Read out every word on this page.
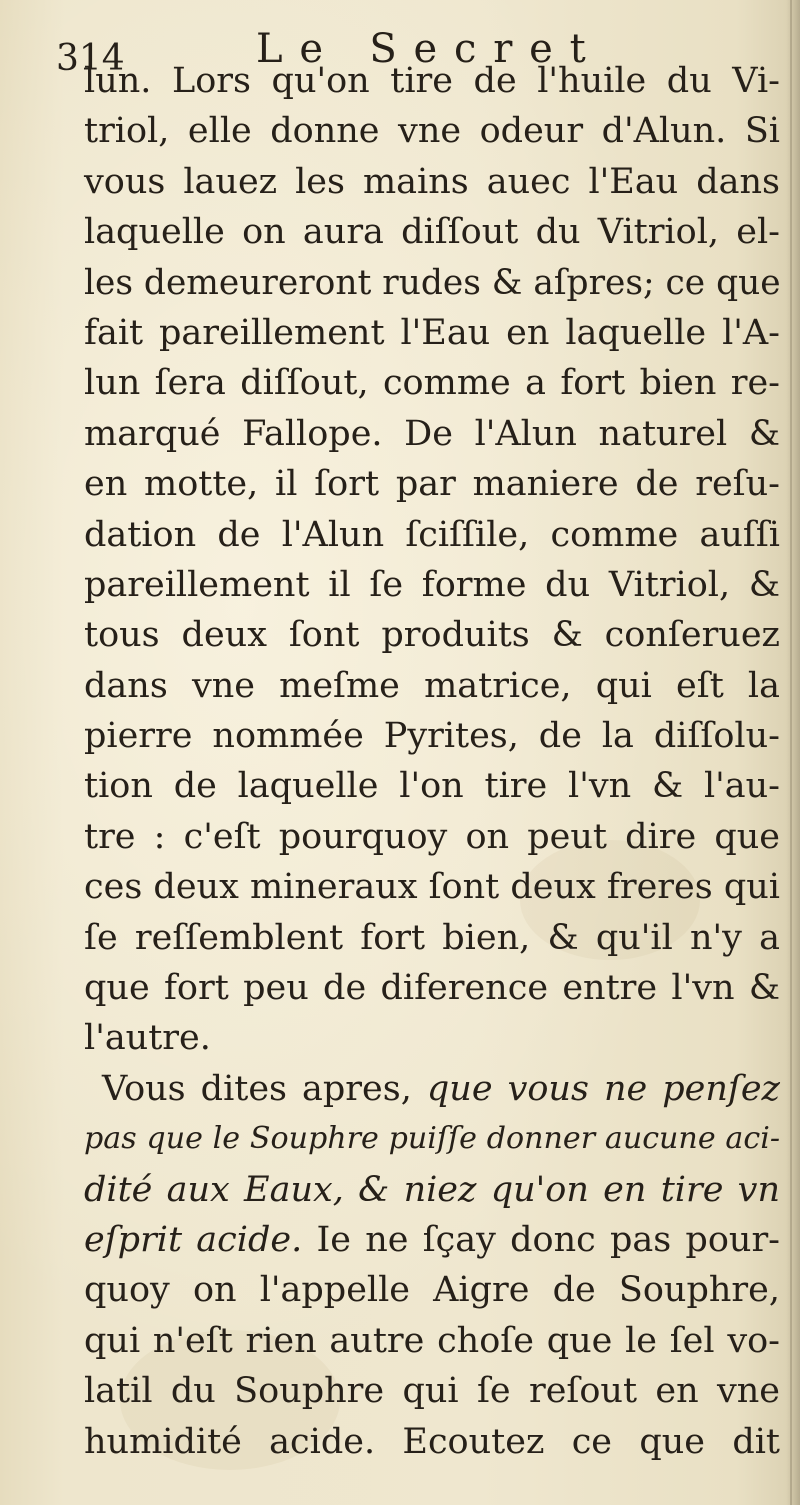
314	Le Secret
lun. Lors qu'on tire de l'huile du Vi-
triol, elle donne vne odeur d'Alun. Si
vous lauez les mains auec l'Eau dans
laquelle on aura diſſout du Vitriol, el-
les demeureront rudes & aſpres; ce que
fait pareillement l'Eau en laquelle l'A-
lun ſera diſſout, comme a fort bien re-
marqué Fallope. De l'Alun naturel &
en motte, il ſort par maniere de reſu-
dation de l'Alun ſciſſile, comme auſſi
pareillement il ſe forme du Vitriol, &
tous deux ſont produits & conſeruez
dans vne meſme matrice, qui eſt la
pierre nommée Pyrites, de la diſſolu-
tion de laquelle l'on tire l'vn & l'au-
tre : c'eſt pourquoy on peut dire que
ces deux mineraux ſont deux freres qui
ſe reſſemblent fort bien, & qu'il n'y a
que fort peu de diference entre l'vn &
l'autre.
Vous dites apres, que vous ne penſez
pas que le Souphre puiſſe donner aucune aci-
dité aux Eaux, & niez qu'on en tire vn
eſprit acide. Ie ne ſçay donc pas pour-
quoy on l'appelle Aigre de Souphre,
qui n'eſt rien autre choſe que le ſel vo-
latil du Souphre qui ſe reſout en vne
humidité acide. Ecoutez ce que dit
